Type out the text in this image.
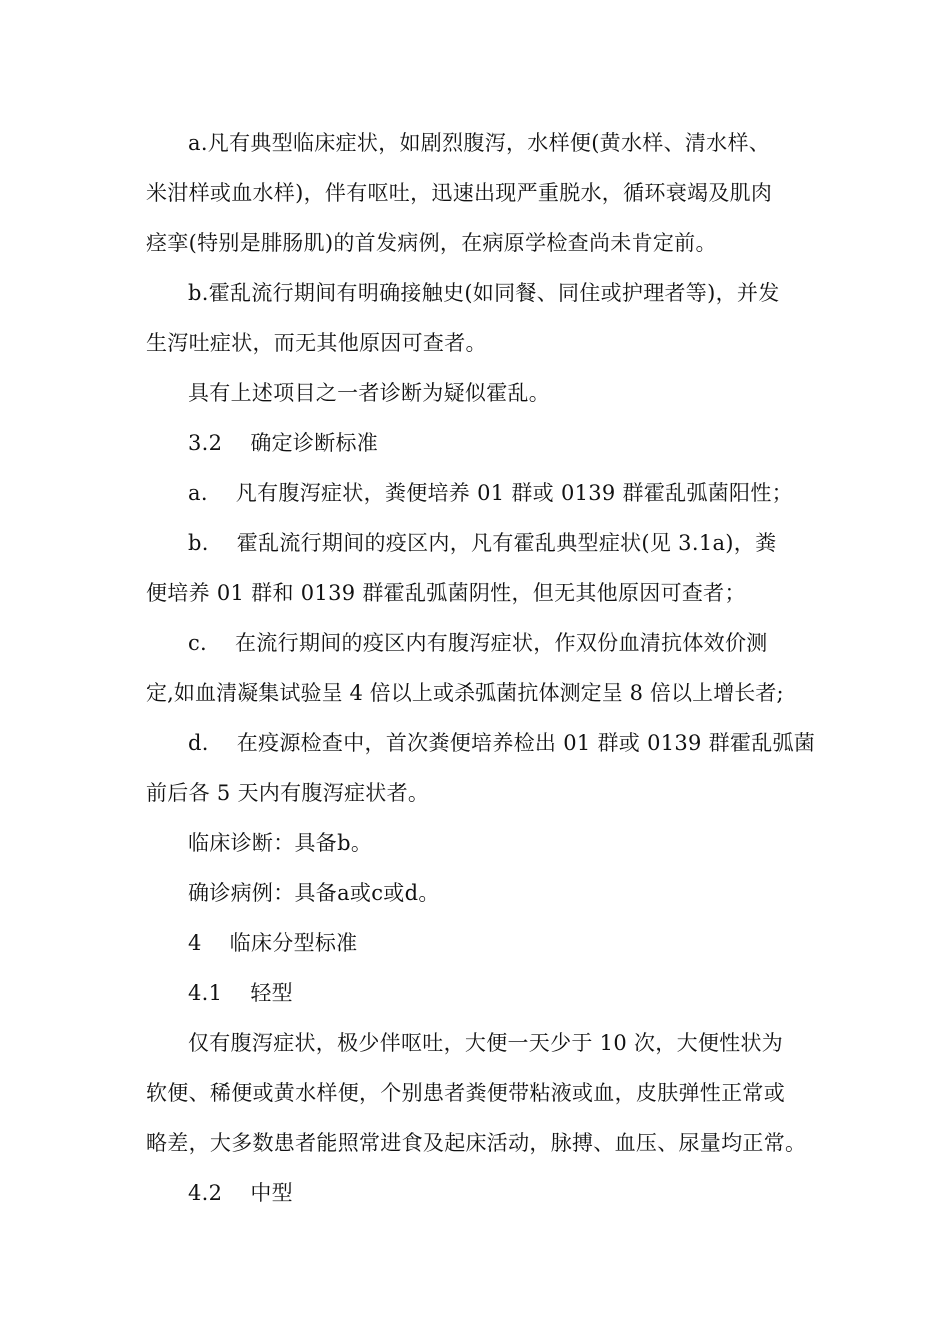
a.凡有典型临床症状，如剧烈腹泻，水样便(黄水样、清水样、
米泔样或血水样)，伴有呕吐，迅速出现严重脱水，循环衰竭及肌肉
痉挛(特别是腓肠肌)的首发病例，在病原学检查尚未肯定前。
b.霍乱流行期间有明确接触史(如同餐、同住或护理者等)，并发
生泻吐症状，而无其他原因可查者。
具有上述项目之一者诊断为疑似霍乱。
3.2 确定诊断标准
a. 凡有腹泻症状，粪便培养 01 群或 0139 群霍乱弧菌阳性；
b. 霍乱流行期间的疫区内，凡有霍乱典型症状(见 3.1a)，粪
便培养 01 群和 0139 群霍乱弧菌阴性，但无其他原因可查者；
c. 在流行期间的疫区内有腹泻症状，作双份血清抗体效价测
定,如血清凝集试验呈 4 倍以上或杀弧菌抗体测定呈 8 倍以上增长者;
d. 在疫源检查中，首次粪便培养检出 01 群或 0139 群霍乱弧菌
前后各 5 天内有腹泻症状者。
临床诊断：具备b。
确诊病例：具备a或c或d。
4 临床分型标准
4.1 轻型
仅有腹泻症状，极少伴呕吐，大便一天少于 10 次，大便性状为
软便、稀便或黄水样便，个别患者粪便带粘液或血，皮肤弹性正常或
略差，大多数患者能照常进食及起床活动，脉搏、血压、尿量均正常。
4.2 中型
